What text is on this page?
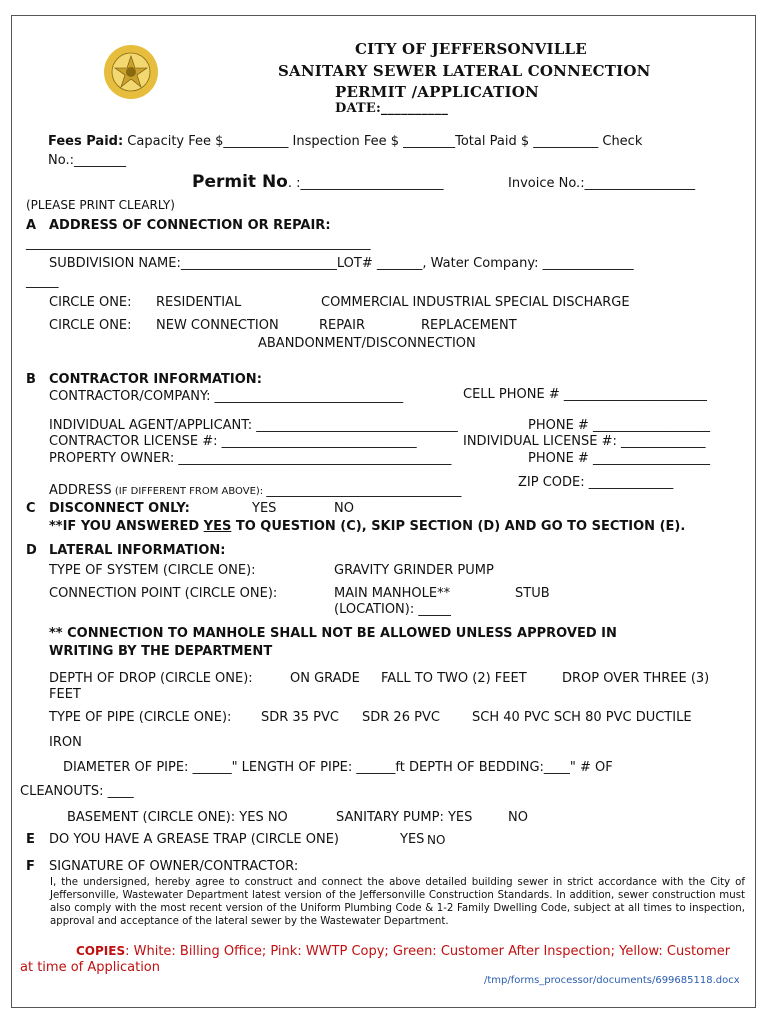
CITY OF JEFFERSONVILLE
SANITARY SEWER LATERAL CONNECTION
PERMIT /APPLICATION
DATE:__________
Fees Paid: Capacity Fee $__________ Inspection Fee $ ________Total Paid $ __________ Check
No.:________
Permit No. :______________________	Invoice No.:_________________
(PLEASE PRINT CLEARLY)
A ADDRESS OF CONNECTION OR REPAIR:
_____________________________________________________
SUBDIVISION NAME:________________________LOT# _______, Water Company: ______________
_____
CIRCLE ONE: RESIDENTIAL	COMMERCIAL INDUSTRIAL SPECIAL DISCHARGE
CIRCLE ONE: NEW CONNECTION	REPAIR	REPLACEMENT
ABANDONMENT/DISCONNECTION
B CONTRACTOR INFORMATION:
CONTRACTOR/COMPANY: _____________________________	CELL PHONE # ______________________
INDIVIDUAL AGENT/APPLICANT: _______________________________	PHONE # __________________
CONTRACTOR LICENSE #: ______________________________	INDIVIDUAL LICENSE #: _____________
PROPERTY OWNER: __________________________________________	PHONE # __________________
ZIP CODE: _____________
ADDRESS (IF DIFFERENT FROM ABOVE): ______________________________
C DISCONNECT ONLY:	YES	NO
**IF YOU ANSWERED YES TO QUESTION (C), SKIP SECTION (D) AND GO TO SECTION (E).
D LATERAL INFORMATION:
TYPE OF SYSTEM (CIRCLE ONE):	GRAVITY GRINDER PUMP
CONNECTION POINT (CIRCLE ONE):	MAIN MANHOLE**	STUB
(LOCATION): _____
** CONNECTION TO MANHOLE SHALL NOT BE ALLOWED UNLESS APPROVED IN
WRITING BY THE DEPARTMENT
DEPTH OF DROP (CIRCLE ONE):	ON GRADE FALL TO TWO (2) FEET	DROP OVER THREE (3)
FEET
TYPE OF PIPE (CIRCLE ONE): SDR 35 PVC SDR 26 PVC SCH 40 PVC SCH 80 PVC DUCTILE
IRON
DIAMETER OF PIPE: ______" LENGTH OF PIPE: ______ft DEPTH OF BEDDING:____" # OF
CLEANOUTS: ____
BASEMENT (CIRCLE ONE): YES NO	SANITARY PUMP: YES	NO
E DO YOU HAVE A GREASE TRAP (CIRCLE ONE)	YES NO
F SIGNATURE OF OWNER/CONTRACTOR:
I, the undersigned, hereby agree to construct and connect the above detailed building sewer in strict accordance with the City of Jeffersonville, Wastewater Department latest version of the Jeffersonville Construction Standards. In addition, sewer construction must also comply with the most recent version of the Uniform Plumbing Code & 1-2 Family Dwelling Code, subject at all times to inspection, approval and acceptance of the lateral sewer by the Wastewater Department.
COPIES: White: Billing Office; Pink: WWTP Copy; Green: Customer After Inspection; Yellow: Customer
at time of Application
/tmp/forms_processor/documents/699685118.docx
